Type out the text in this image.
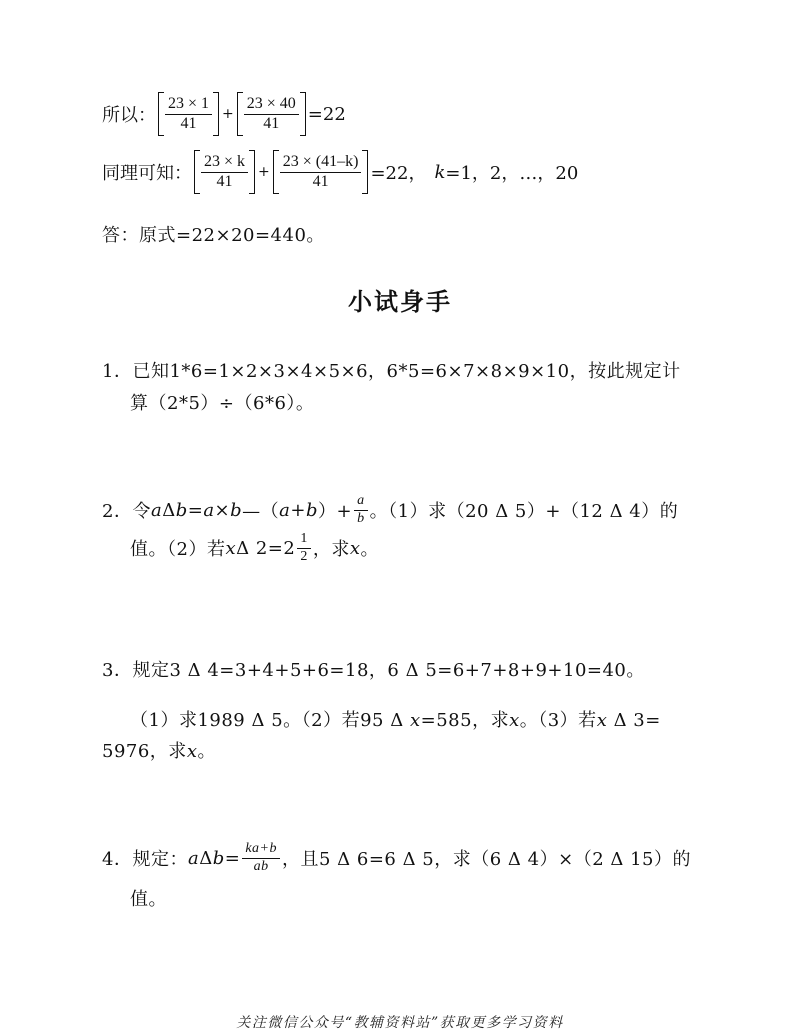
所以： $\frac{23 \times 1}{41} + \frac{23 \times 40}{41} =22$
同理可知： $\frac{23 \times k}{41} + \frac{23 \times (41-k)}{41} =22$， k =1，2，…，20
答：原式=22×20=440。
小试身手
1．已知1*6=1×2×3×4×5×6，6*5=6×7×8×9×10，按此规定计
算（2*5）÷（6*6）。
2．令 a Δ b = a × b —（ a + b ）+ $\frac{a}{b}$ 。（1）求（20 Δ 5）+（12 Δ 4）的
值。（2）若 x Δ $2=2 \frac{1}{2}$ ，求 x 。
3．规定3 Δ 4=3+4+5+6=18，6 Δ 5=6+7+8+9+10=40。
（1）求1989 Δ 5。（2）若95 Δ x=585，求x。（3）若x Δ 3=
5976，求x。
4．规定： a Δ $b = \frac{ka+b}{ab}$ ，且5 Δ 6=6 Δ 5，求（6 Δ 4）×（2 Δ 15）的
值。
关注微信公众号“教辅资料站”获取更多学习资料
